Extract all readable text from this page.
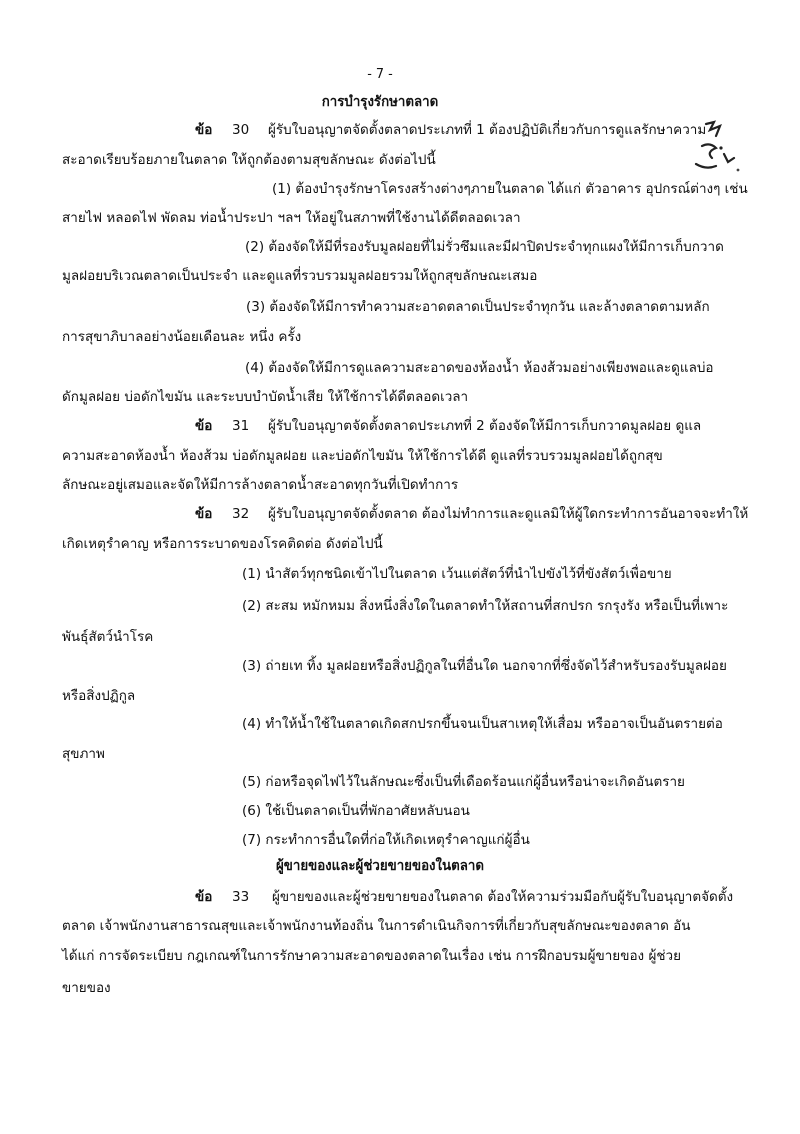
- 7 -
การบำรุงรักษาตลาด
ข้อ 30 ผู้รับใบอนุญาตจัดตั้งตลาดประเภทที่ 1 ต้องปฏิบัติเกี่ยวกับการดูแลรักษาความ
สะอาดเรียบร้อยภายในตลาด ให้ถูกต้องตามสุขลักษณะ ดังต่อไปนี้
(1) ต้องบำรุงรักษาโครงสร้างต่างๆภายในตลาด ได้แก่ ตัวอาคาร อุปกรณ์ต่างๆ เช่น
สายไฟ หลอดไฟ พัดลม ท่อน้ำประปา ฯลฯ ให้อยู่ในสภาพที่ใช้งานได้ดีตลอดเวลา
(2) ต้องจัดให้มีที่รองรับมูลฝอยที่ไม่รั่วซึมและมีฝาปิดประจำทุกแผงให้มีการเก็บกวาด
มูลฝอยบริเวณตลาดเป็นประจำ และดูแลที่รวบรวมมูลฝอยรวมให้ถูกสุขลักษณะเสมอ
(3) ต้องจัดให้มีการทำความสะอาดตลาดเป็นประจำทุกวัน และล้างตลาดตามหลัก
การสุขาภิบาลอย่างน้อยเดือนละ หนึ่ง ครั้ง
(4) ต้องจัดให้มีการดูแลความสะอาดของห้องน้ำ ห้องส้วมอย่างเพียงพอและดูแลบ่อ
ดักมูลฝอย บ่อดักไขมัน และระบบบำบัดน้ำเสีย ให้ใช้การได้ดีตลอดเวลา
ข้อ 31 ผู้รับใบอนุญาตจัดตั้งตลาดประเภทที่ 2 ต้องจัดให้มีการเก็บกวาดมูลฝอย ดูแล
ความสะอาดห้องน้ำ ห้องส้วม บ่อดักมูลฝอย และบ่อดักไขมัน ให้ใช้การได้ดี ดูแลที่รวบรวมมูลฝอยได้ถูกสุข
ลักษณะอยู่เสมอและจัดให้มีการล้างตลาดน้ำสะอาดทุกวันที่เปิดทำการ
ข้อ 32 ผู้รับใบอนุญาตจัดตั้งตลาด ต้องไม่ทำการและดูแลมิให้ผู้ใดกระทำการอันอาจจะทำให้
เกิดเหตุรำคาญ หรือการระบาดของโรคติดต่อ ดังต่อไปนี้
(1) นำสัตว์ทุกชนิดเข้าไปในตลาด เว้นแต่สัตว์ที่นำไปขังไว้ที่ขังสัตว์เพื่อขาย
(2) สะสม หมักหมม สิ่งหนึ่งสิ่งใดในตลาดทำให้สถานที่สกปรก รกรุงรัง หรือเป็นที่เพาะ
พันธุ์สัตว์นำโรค
(3) ถ่ายเท ทิ้ง มูลฝอยหรือสิ่งปฏิกูลในที่อื่นใด นอกจากที่ซึ่งจัดไว้สำหรับรองรับมูลฝอย
หรือสิ่งปฏิกูล
(4) ทำให้น้ำใช้ในตลาดเกิดสกปรกขึ้นจนเป็นสาเหตุให้เสื่อม หรืออาจเป็นอันตรายต่อ
สุขภาพ
(5) ก่อหรือจุดไฟไว้ในลักษณะซึ่งเป็นที่เดือดร้อนแก่ผู้อื่นหรือน่าจะเกิดอันตราย
(6) ใช้เป็นตลาดเป็นที่พักอาศัยหลับนอน
(7) กระทำการอื่นใดที่ก่อให้เกิดเหตุรำคาญแก่ผู้อื่น
ผู้ขายของและผู้ช่วยขายของในตลาด
ข้อ 33 ผู้ขายของและผู้ช่วยขายของในตลาด ต้องให้ความร่วมมือกับผู้รับใบอนุญาตจัดตั้ง
ตลาด เจ้าพนักงานสาธารณสุขและเจ้าพนักงานท้องถิ่น ในการดำเนินกิจการที่เกี่ยวกับสุขลักษณะของตลาด อัน
ได้แก่ การจัดระเบียบ กฎเกณฑ์ในการรักษาความสะอาดของตลาดในเรื่อง เช่น การฝึกอบรมผู้ขายของ ผู้ช่วย
ขายของ
